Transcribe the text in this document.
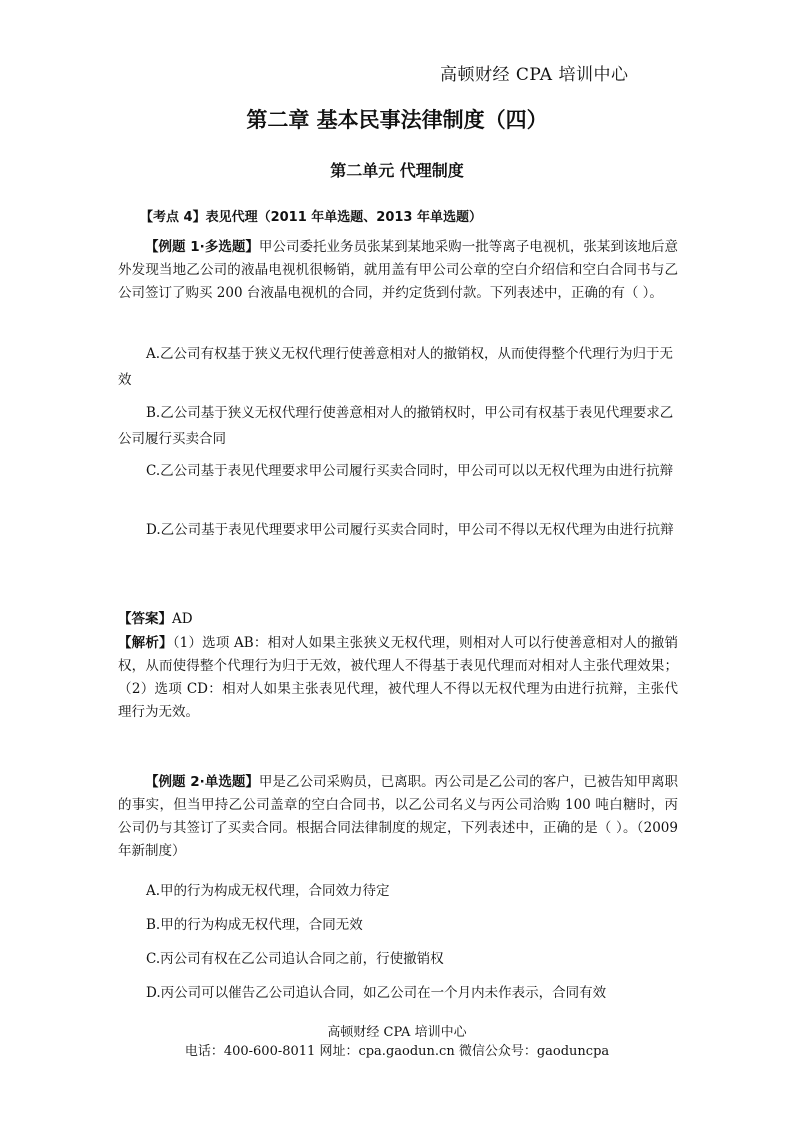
高顿财经 CPA 培训中心
第二章 基本民事法律制度（四）
第二单元 代理制度
【考点 4】表见代理（2011 年单选题、2013 年单选题）
【例题 1·多选题】甲公司委托业务员张某到某地采购一批等离子电视机，张某到该地后意外发现当地乙公司的液晶电视机很畅销，就用盖有甲公司公章的空白介绍信和空白合同书与乙公司签订了购买 200 台液晶电视机的合同，并约定货到付款。下列表述中，正确的有（ ）。
A.乙公司有权基于狭义无权代理行使善意相对人的撤销权，从而使得整个代理行为归于无效
B.乙公司基于狭义无权代理行使善意相对人的撤销权时，甲公司有权基于表见代理要求乙公司履行买卖合同
C.乙公司基于表见代理要求甲公司履行买卖合同时，甲公司可以以无权代理为由进行抗辩
D.乙公司基于表见代理要求甲公司履行买卖合同时，甲公司不得以无权代理为由进行抗辩
【答案】AD
【解析】（1）选项 AB：相对人如果主张狭义无权代理，则相对人可以行使善意相对人的撤销权，从而使得整个代理行为归于无效，被代理人不得基于表见代理而对相对人主张代理效果；（2）选项 CD：相对人如果主张表见代理，被代理人不得以无权代理为由进行抗辩，主张代理行为无效。
【例题 2·单选题】甲是乙公司采购员，已离职。丙公司是乙公司的客户，已被告知甲离职的事实，但当甲持乙公司盖章的空白合同书，以乙公司名义与丙公司洽购 100 吨白糖时，丙公司仍与其签订了买卖合同。根据合同法律制度的规定，下列表述中，正确的是（ ）。（2009 年新制度）
A.甲的行为构成无权代理，合同效力待定
B.甲的行为构成无权代理，合同无效
C.丙公司有权在乙公司追认合同之前，行使撤销权
D.丙公司可以催告乙公司追认合同，如乙公司在一个月内未作表示，合同有效
高顿财经 CPA 培训中心
电话：400-600-8011 网址：cpa.gaodun.cn 微信公众号：gaoduncpa
